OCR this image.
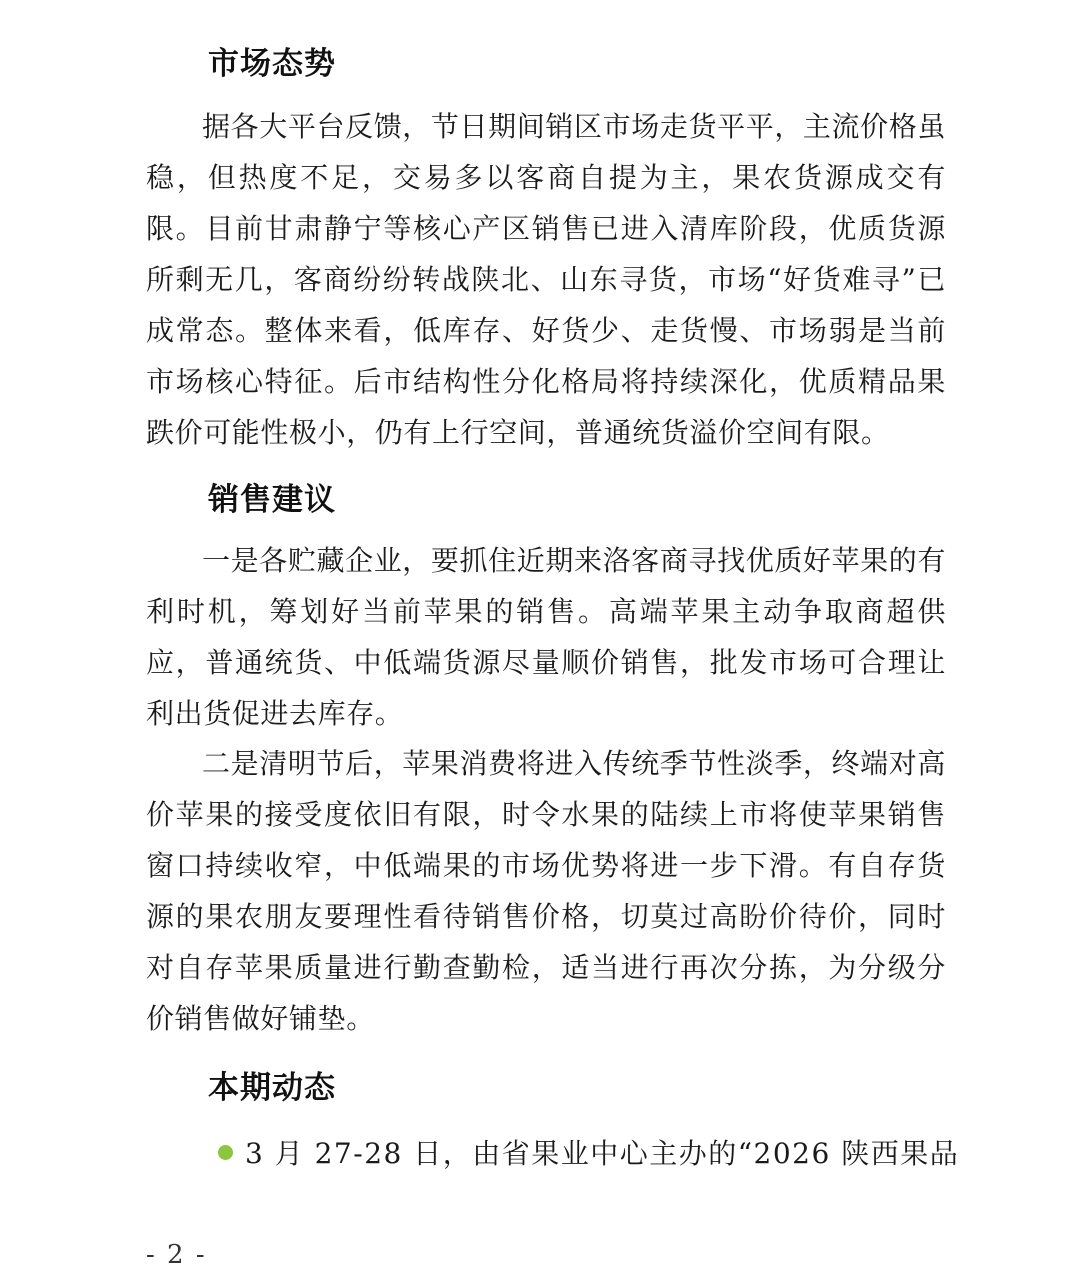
市场态势
据各大平台反馈，节日期间销区市场走货平平，主流价格虽稳，但热度不足，交易多以客商自提为主，果农货源成交有限。目前甘肃静宁等核心产区销售已进入清库阶段，优质货源所剩无几，客商纷纷转战陕北、山东寻货，市场“好货难寻”已成常态。整体来看，低库存、好货少、走货慢、市场弱是当前市场核心特征。后市结构性分化格局将持续深化，优质精品果跌价可能性极小，仍有上行空间，普通统货溢价空间有限。
销售建议
一是各贮藏企业，要抓住近期来洛客商寻找优质好苹果的有利时机，筹划好当前苹果的销售。高端苹果主动争取商超供应，普通统货、中低端货源尽量顺价销售，批发市场可合理让利出货促进去库存。
二是清明节后，苹果消费将进入传统季节性淡季，终端对高价苹果的接受度依旧有限，时令水果的陆续上市将使苹果销售窗口持续收窄，中低端果的市场优势将进一步下滑。有自存货源的果农朋友要理性看待销售价格，切莫过高盼价待价，同时对自存苹果质量进行勤查勤检，适当进行再次分拣，为分级分价销售做好铺垫。
本期动态
3 月 27-28 日，由省果业中心主办的“2026 陕西果品
- 2 -
